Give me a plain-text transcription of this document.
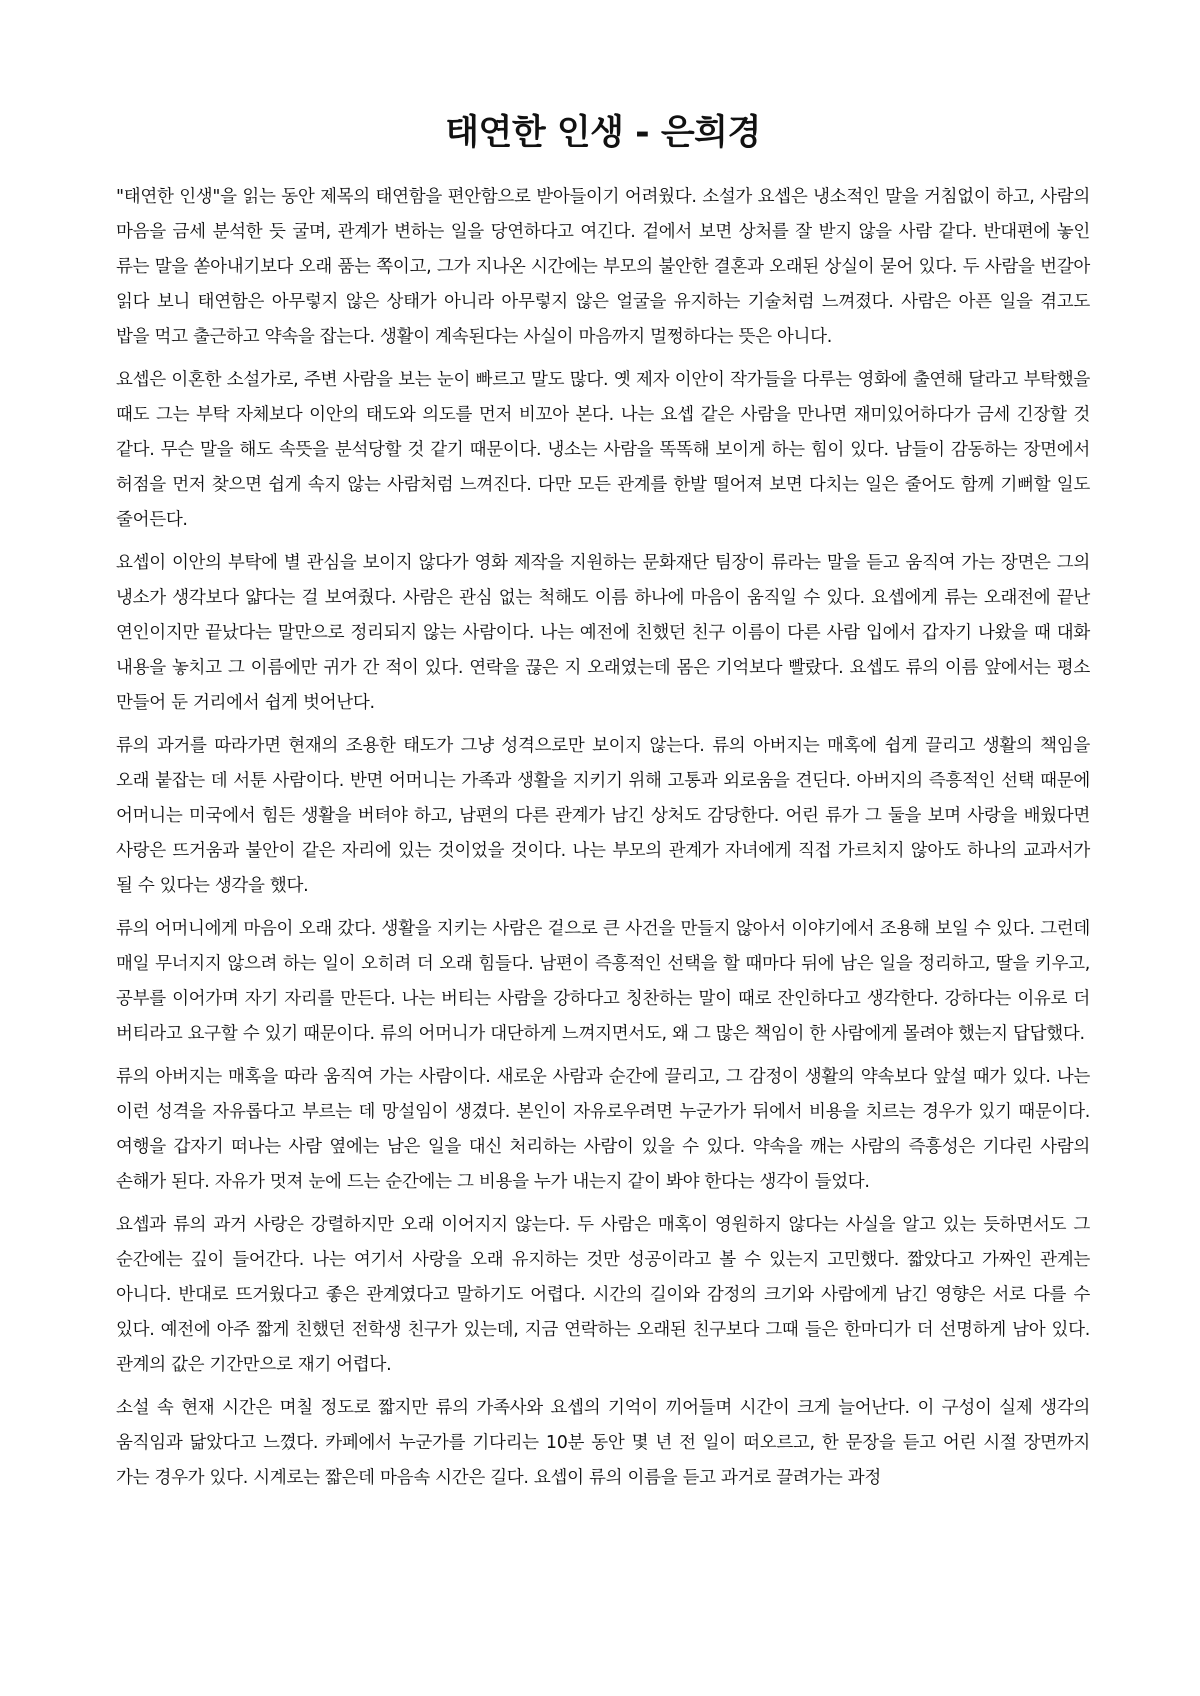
태연한 인생 - 은희경

"태연한 인생"을 읽는 동안 제목의 태연함을 편안함으로 받아들이기 어려웠다. 소설가 요셉은 냉소적인 말을 거침없이 하고, 사람의 마음을 금세 분석한 듯 굴며, 관계가 변하는 일을 당연하다고 여긴다. 겉에서 보면 상처를 잘 받지 않을 사람 같다. 반대편에 놓인 류는 말을 쏟아내기보다 오래 품는 쪽이고, 그가 지나온 시간에는 부모의 불안한 결혼과 오래된 상실이 묻어 있다. 두 사람을 번갈아 읽다 보니 태연함은 아무렇지 않은 상태가 아니라 아무렇지 않은 얼굴을 유지하는 기술처럼 느껴졌다. 사람은 아픈 일을 겪고도 밥을 먹고 출근하고 약속을 잡는다. 생활이 계속된다는 사실이 마음까지 멀쩡하다는 뜻은 아니다.

요셉은 이혼한 소설가로, 주변 사람을 보는 눈이 빠르고 말도 많다. 옛 제자 이안이 작가들을 다루는 영화에 출연해 달라고 부탁했을 때도 그는 부탁 자체보다 이안의 태도와 의도를 먼저 비꼬아 본다. 나는 요셉 같은 사람을 만나면 재미있어하다가 금세 긴장할 것 같다. 무슨 말을 해도 속뜻을 분석당할 것 같기 때문이다. 냉소는 사람을 똑똑해 보이게 하는 힘이 있다. 남들이 감동하는 장면에서 허점을 먼저 찾으면 쉽게 속지 않는 사람처럼 느껴진다. 다만 모든 관계를 한발 떨어져 보면 다치는 일은 줄어도 함께 기뻐할 일도 줄어든다.

요셉이 이안의 부탁에 별 관심을 보이지 않다가 영화 제작을 지원하는 문화재단 팀장이 류라는 말을 듣고 움직여 가는 장면은 그의 냉소가 생각보다 얇다는 걸 보여줬다. 사람은 관심 없는 척해도 이름 하나에 마음이 움직일 수 있다. 요셉에게 류는 오래전에 끝난 연인이지만 끝났다는 말만으로 정리되지 않는 사람이다. 나는 예전에 친했던 친구 이름이 다른 사람 입에서 갑자기 나왔을 때 대화 내용을 놓치고 그 이름에만 귀가 간 적이 있다. 연락을 끊은 지 오래였는데 몸은 기억보다 빨랐다. 요셉도 류의 이름 앞에서는 평소 만들어 둔 거리에서 쉽게 벗어난다.

류의 과거를 따라가면 현재의 조용한 태도가 그냥 성격으로만 보이지 않는다. 류의 아버지는 매혹에 쉽게 끌리고 생활의 책임을 오래 붙잡는 데 서툰 사람이다. 반면 어머니는 가족과 생활을 지키기 위해 고통과 외로움을 견딘다. 아버지의 즉흥적인 선택 때문에 어머니는 미국에서 힘든 생활을 버텨야 하고, 남편의 다른 관계가 남긴 상처도 감당한다. 어린 류가 그 둘을 보며 사랑을 배웠다면 사랑은 뜨거움과 불안이 같은 자리에 있는 것이었을 것이다. 나는 부모의 관계가 자녀에게 직접 가르치지 않아도 하나의 교과서가 될 수 있다는 생각을 했다.

류의 어머니에게 마음이 오래 갔다. 생활을 지키는 사람은 겉으로 큰 사건을 만들지 않아서 이야기에서 조용해 보일 수 있다. 그런데 매일 무너지지 않으려 하는 일이 오히려 더 오래 힘들다. 남편이 즉흥적인 선택을 할 때마다 뒤에 남은 일을 정리하고, 딸을 키우고, 공부를 이어가며 자기 자리를 만든다. 나는 버티는 사람을 강하다고 칭찬하는 말이 때로 잔인하다고 생각한다. 강하다는 이유로 더 버티라고 요구할 수 있기 때문이다. 류의 어머니가 대단하게 느껴지면서도, 왜 그 많은 책임이 한 사람에게 몰려야 했는지 답답했다.

류의 아버지는 매혹을 따라 움직여 가는 사람이다. 새로운 사람과 순간에 끌리고, 그 감정이 생활의 약속보다 앞설 때가 있다. 나는 이런 성격을 자유롭다고 부르는 데 망설임이 생겼다. 본인이 자유로우려면 누군가가 뒤에서 비용을 치르는 경우가 있기 때문이다. 여행을 갑자기 떠나는 사람 옆에는 남은 일을 대신 처리하는 사람이 있을 수 있다. 약속을 깨는 사람의 즉흥성은 기다린 사람의 손해가 된다. 자유가 멋져 눈에 드는 순간에는 그 비용을 누가 내는지 같이 봐야 한다는 생각이 들었다.

요셉과 류의 과거 사랑은 강렬하지만 오래 이어지지 않는다. 두 사람은 매혹이 영원하지 않다는 사실을 알고 있는 듯하면서도 그 순간에는 깊이 들어간다. 나는 여기서 사랑을 오래 유지하는 것만 성공이라고 볼 수 있는지 고민했다. 짧았다고 가짜인 관계는 아니다. 반대로 뜨거웠다고 좋은 관계였다고 말하기도 어렵다. 시간의 길이와 감정의 크기와 사람에게 남긴 영향은 서로 다를 수 있다. 예전에 아주 짧게 친했던 전학생 친구가 있는데, 지금 연락하는 오래된 친구보다 그때 들은 한마디가 더 선명하게 남아 있다. 관계의 값은 기간만으로 재기 어렵다.

소설 속 현재 시간은 며칠 정도로 짧지만 류의 가족사와 요셉의 기억이 끼어들며 시간이 크게 늘어난다. 이 구성이 실제 생각의 움직임과 닮았다고 느꼈다. 카페에서 누군가를 기다리는 10분 동안 몇 년 전 일이 떠오르고, 한 문장을 듣고 어린 시절 장면까지 가는 경우가 있다. 시계로는 짧은데 마음속 시간은 길다. 요셉이 류의 이름을 듣고 과거로 끌려가는 과정
